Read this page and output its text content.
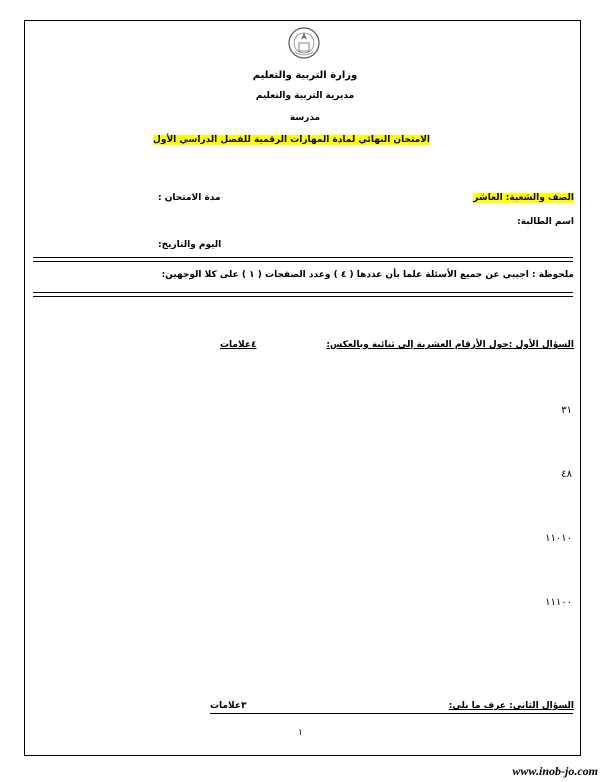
وزارة التربية والتعليم
مديرية التربية والتعليم
مدرسة
الامتحان النهائي لمادة المهارات الرقمية للفصل الدراسي الأول
الصف والشعبة: العاشر
مدة الامتحان :
اسم الطالبة:
اليوم والتاريخ:
ملحوظة : اجيبي عن جميع الأسئلة علما بأن عددها ( ٤ ) وعدد الصفحات ( ١ ) على كلا الوجهين:
السؤال الأول :حول الأرقام العشرية إلى ثنائية وبالعكس:
٤علامات
٣١
٤٨
١١٠١٠
١١١٠٠
السؤال الثاني: عرف ما يلي:
٣علامات
١
www.inob-jo.com
